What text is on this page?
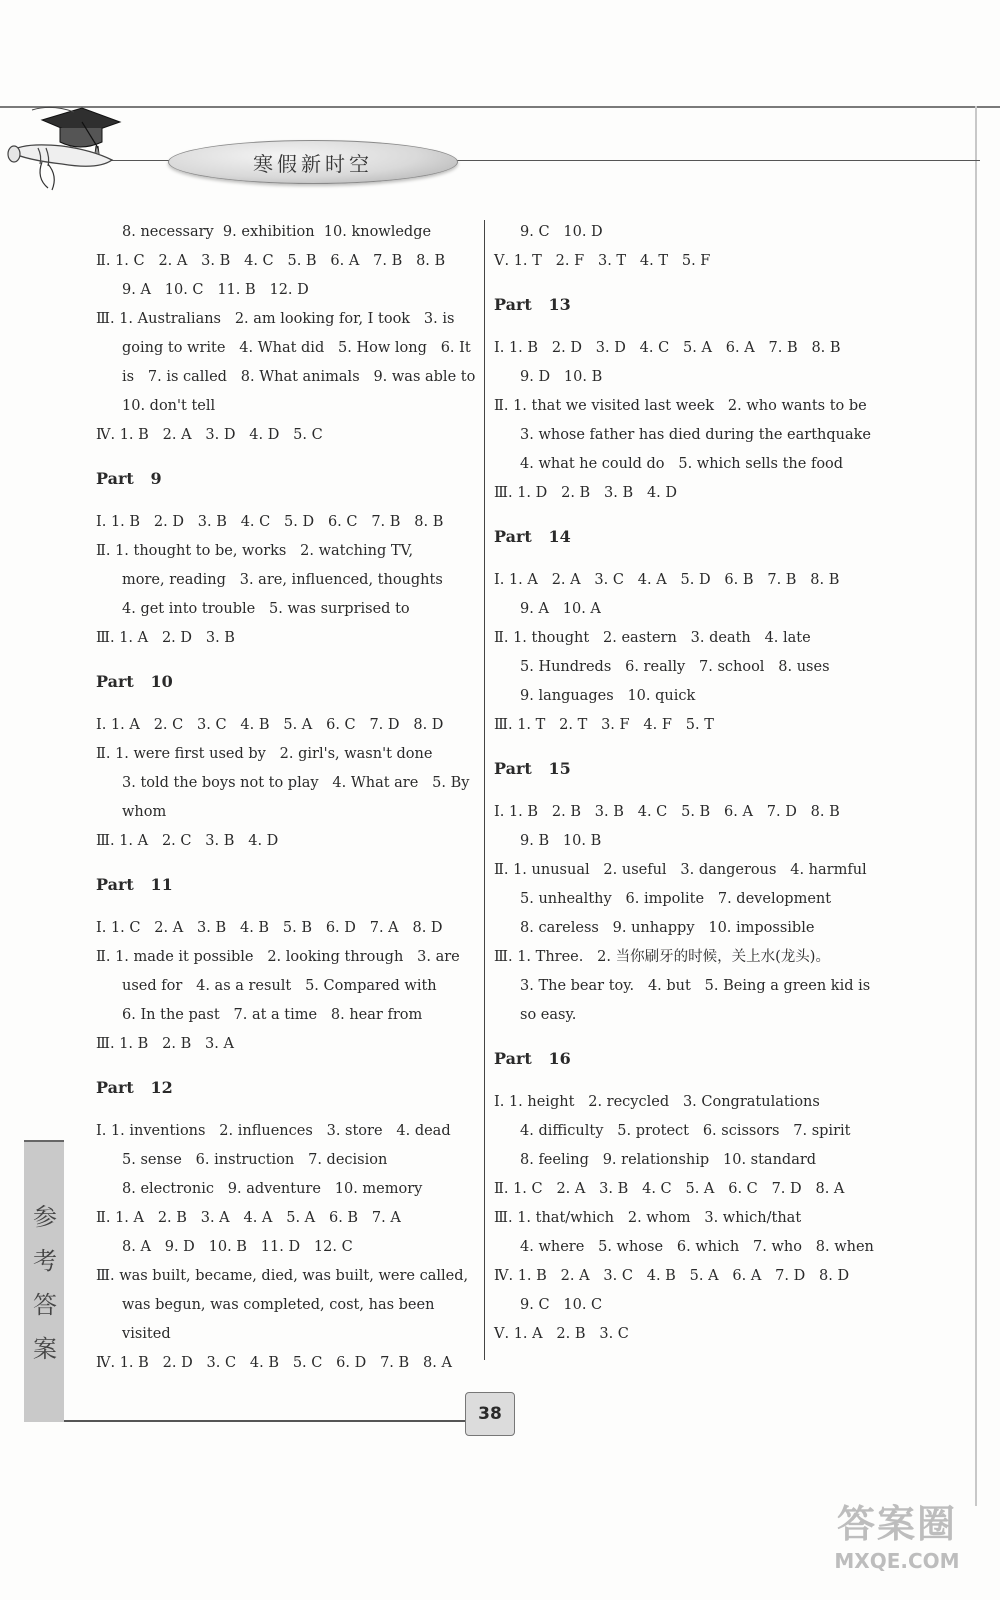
寒假新时空
8. necessary  9. exhibition  10. knowledge
Ⅱ. 1. C   2. A   3. B   4. C   5. B   6. A   7. B   8. B
9. A   10. C   11. B   12. D
Ⅲ. 1. Australians   2. am looking for, I took   3. is
going to write   4. What did   5. How long   6. It
is   7. is called   8. What animals   9. was able to
10. don't tell
Ⅳ. 1. B   2. A   3. D   4. D   5. C
Part   9
Ⅰ. 1. B   2. D   3. B   4. C   5. D   6. C   7. B   8. B
Ⅱ. 1. thought to be, works   2. watching TV,
more, reading   3. are, influenced, thoughts
4. get into trouble   5. was surprised to
Ⅲ. 1. A   2. D   3. B
Part   10
Ⅰ. 1. A   2. C   3. C   4. B   5. A   6. C   7. D   8. D
Ⅱ. 1. were first used by   2. girl's, wasn't done
3. told the boys not to play   4. What are   5. By
whom
Ⅲ. 1. A   2. C   3. B   4. D
Part   11
Ⅰ. 1. C   2. A   3. B   4. B   5. B   6. D   7. A   8. D
Ⅱ. 1. made it possible   2. looking through   3. are
used for   4. as a result   5. Compared with
6. In the past   7. at a time   8. hear from
Ⅲ. 1. B   2. B   3. A
Part   12
Ⅰ. 1. inventions   2. influences   3. store   4. dead
5. sense   6. instruction   7. decision
8. electronic   9. adventure   10. memory
Ⅱ. 1. A   2. B   3. A   4. A   5. A   6. B   7. A
8. A   9. D   10. B   11. D   12. C
Ⅲ. was built, became, died, was built, were called,
was begun, was completed, cost, has been
visited
Ⅳ. 1. B   2. D   3. C   4. B   5. C   6. D   7. B   8. A
9. C   10. D
Ⅴ. 1. T   2. F   3. T   4. T   5. F
Part   13
Ⅰ. 1. B   2. D   3. D   4. C   5. A   6. A   7. B   8. B
9. D   10. B
Ⅱ. 1. that we visited last week   2. who wants to be
3. whose father has died during the earthquake
4. what he could do   5. which sells the food
Ⅲ. 1. D   2. B   3. B   4. D
Part   14
Ⅰ. 1. A   2. A   3. C   4. A   5. D   6. B   7. B   8. B
9. A   10. A
Ⅱ. 1. thought   2. eastern   3. death   4. late
5. Hundreds   6. really   7. school   8. uses
9. languages   10. quick
Ⅲ. 1. T   2. T   3. F   4. F   5. T
Part   15
Ⅰ. 1. B   2. B   3. B   4. C   5. B   6. A   7. D   8. B
9. B   10. B
Ⅱ. 1. unusual   2. useful   3. dangerous   4. harmful
5. unhealthy   6. impolite   7. development
8. careless   9. unhappy   10. impossible
Ⅲ. 1. Three.   2. 当你刷牙的时候，关上水(龙头)。
3. The bear toy.   4. but   5. Being a green kid is
so easy.
Part   16
Ⅰ. 1. height   2. recycled   3. Congratulations
4. difficulty   5. protect   6. scissors   7. spirit
8. feeling   9. relationship   10. standard
Ⅱ. 1. C   2. A   3. B   4. C   5. A   6. C   7. D   8. A
Ⅲ. 1. that/which   2. whom   3. which/that
4. where   5. whose   6. which   7. who   8. when
Ⅳ. 1. B   2. A   3. C   4. B   5. A   6. A   7. D   8. D
9. C   10. C
Ⅴ. 1. A   2. B   3. C
参
考
答
案
38
答案圈
MXQE.COM
